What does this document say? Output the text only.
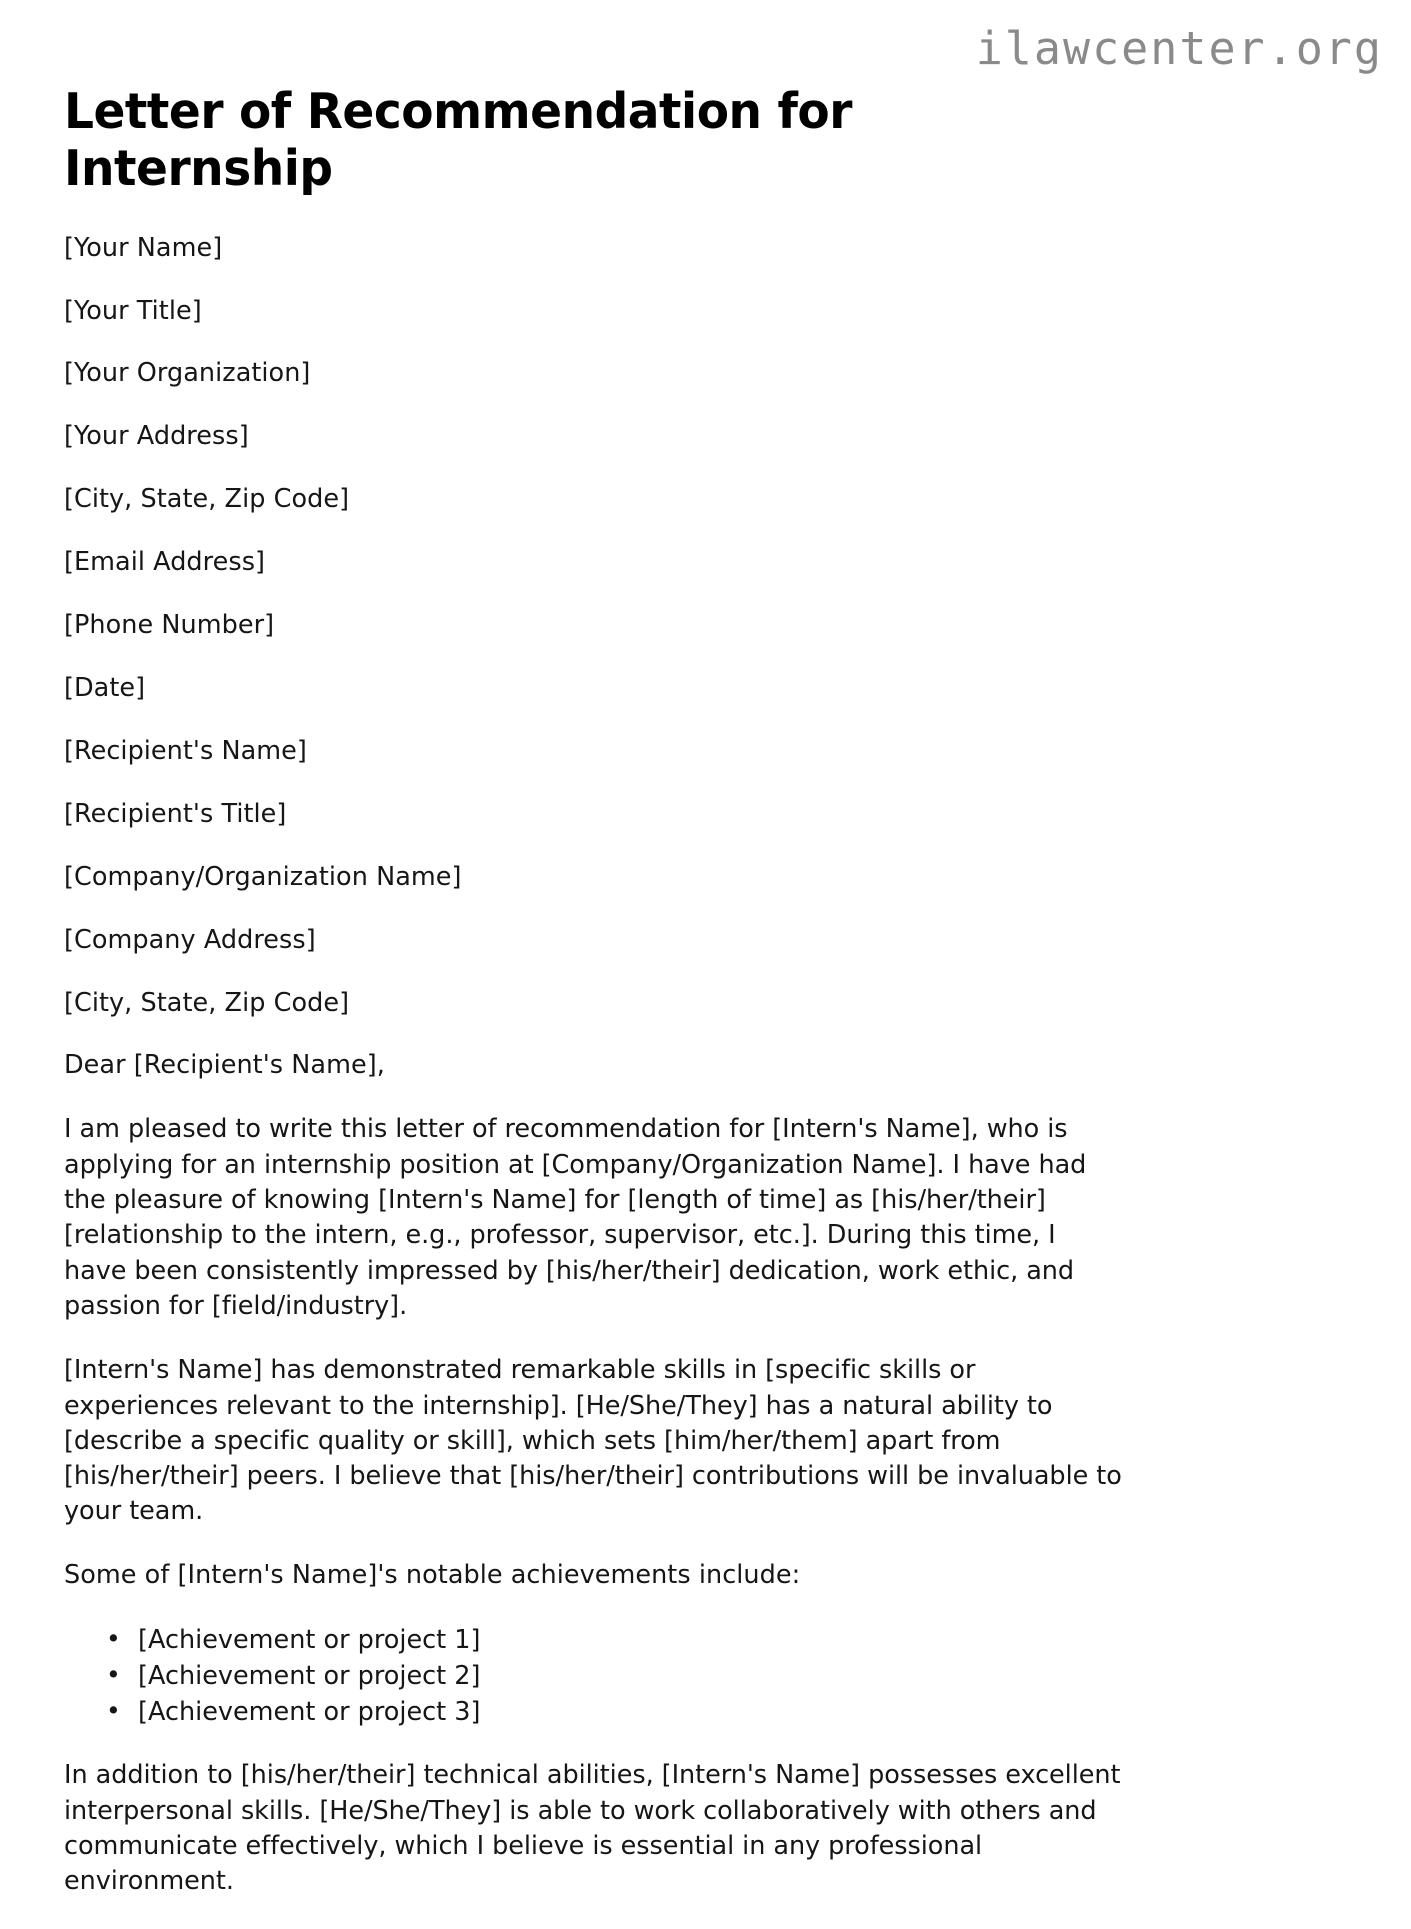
ilawcenter.org
Letter of Recommendation for Internship

[Your Name]

[Your Title]

[Your Organization]

[Your Address]

[City, State, Zip Code]

[Email Address]

[Phone Number]

[Date]

[Recipient's Name]

[Recipient's Title]

[Company/Organization Name]

[Company Address]

[City, State, Zip Code]

Dear [Recipient's Name],

I am pleased to write this letter of recommendation for [Intern's Name], who is applying for an internship position at [Company/Organization Name]. I have had the pleasure of knowing [Intern's Name] for [length of time] as [his/her/their] [relationship to the intern, e.g., professor, supervisor, etc.]. During this time, I have been consistently impressed by [his/her/their] dedication, work ethic, and passion for [field/industry].

[Intern's Name] has demonstrated remarkable skills in [specific skills or experiences relevant to the internship]. [He/She/They] has a natural ability to [describe a specific quality or skill], which sets [him/her/them] apart from [his/her/their] peers. I believe that [his/her/their] contributions will be invaluable to your team.

Some of [Intern's Name]'s notable achievements include:

• [Achievement or project 1]
• [Achievement or project 2]
• [Achievement or project 3]

In addition to [his/her/their] technical abilities, [Intern's Name] possesses excellent interpersonal skills. [He/She/They] is able to work collaboratively with others and communicate effectively, which I believe is essential in any professional environment.
